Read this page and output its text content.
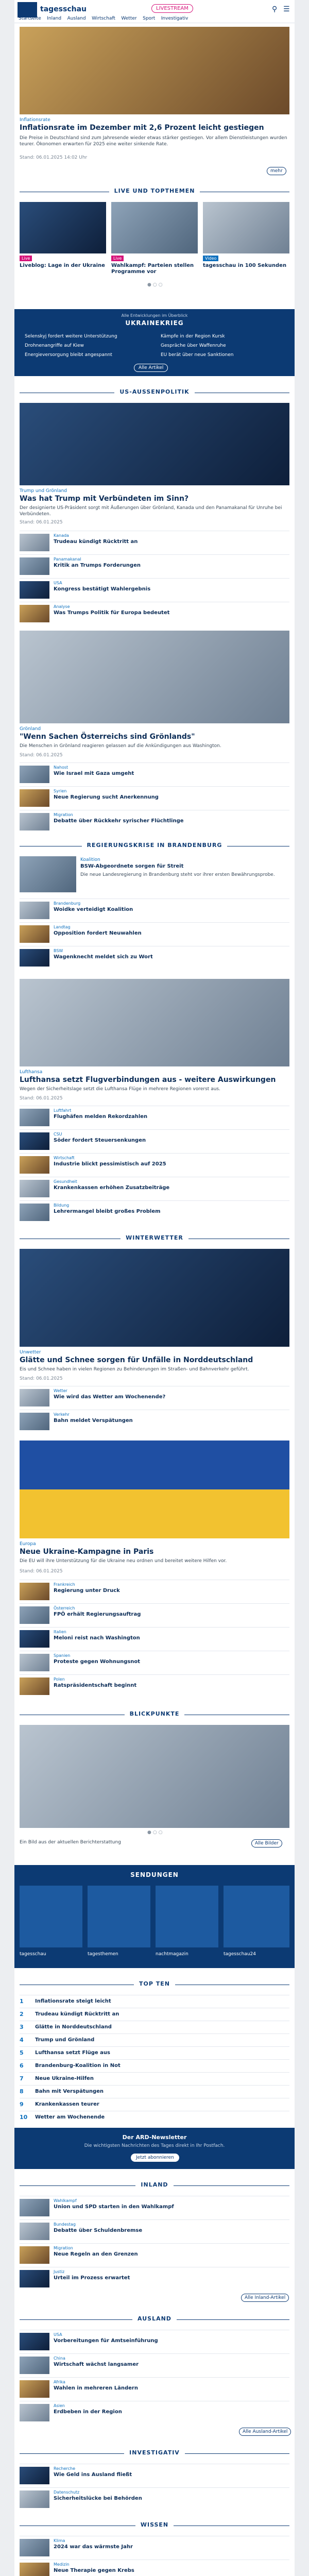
tagesschau	LIVESTREAM	⚲ ☰
Startseite Inland Ausland Wirtschaft Wetter Sport Investigativ
Inflationsrate
Inflationsrate im Dezember mit 2,6 Prozent leicht gestiegen
Die Preise in Deutschland sind zum Jahresende wieder etwas stärker gestiegen. Vor allem Dienstleistungen wurden teurer. Ökonomen erwarten für 2025 eine weiter sinkende Rate.
Stand: 06.01.2025 14:02 Uhr
mehr
LIVE UND TOPTHEMEN
Live	Live	Video
Liveblog: Lage in der Ukraine Wahlkampf: Parteien stellen Programme vor
tagesschau in 100 Sekunden
●○○
Alle Entwicklungen im Überblick
UKRAINEKRIEG
Selenskyj fordert weitere Unterstützung	Kämpfe in der Region Kursk
Drohnenangriffe auf Kiew	Gespräche über Waffenruhe
Energieversorgung bleibt angespannt	EU berät über neue Sanktionen
Alle Artikel
US-AUSSENPOLITIK
Trump und Grönland
Was hat Trump mit Verbündeten im Sinn?
Der designierte US-Präsident sorgt mit Äußerungen über Grönland, Kanada und den Panamakanal für Unruhe bei Verbündeten.
Stand: 06.01.2025
Kanada
Trudeau kündigt Rücktritt an
Panamakanal
Kritik an Trumps Forderungen
USA
Kongress bestätigt Wahlergebnis
Analyse
Was Trumps Politik für Europa bedeutet
Grönland
"Wenn Sachen Österreichs sind Grönlands"
Die Menschen in Grönland reagieren gelassen auf die Ankündigungen aus Washington.
Stand: 06.01.2025
Nahost
Wie Israel mit Gaza umgeht
Syrien
Neue Regierung sucht Anerkennung
Migration
Debatte über Rückkehr syrischer Flüchtlinge
REGIERUNGSKRISE IN BRANDENBURG
Koalition
BSW-Abgeordnete sorgen für Streit
Die neue Landesregierung in Brandenburg steht vor ihrer ersten Bewährungsprobe.
Brandenburg
Woidke verteidigt Koalition
Landtag
Opposition fordert Neuwahlen
BSW
Wagenknecht meldet sich zu Wort
Lufthansa
Lufthansa setzt Flugverbindungen aus - weitere Auswirkungen
Wegen der Sicherheitslage setzt die Lufthansa Flüge in mehrere Regionen vorerst aus.
Stand: 06.01.2025
Luftfahrt
Flughäfen melden Rekordzahlen
CSU
Söder fordert Steuersenkungen
Wirtschaft
Industrie blickt pessimistisch auf 2025
Gesundheit
Krankenkassen erhöhen Zusatzbeiträge
Bildung
Lehrermangel bleibt großes Problem
WINTERWETTER
Unwetter
Glätte und Schnee sorgen für Unfälle in Norddeutschland
Eis und Schnee haben in vielen Regionen zu Behinderungen im Straßen- und Bahnverkehr geführt.
Stand: 06.01.2025
Wetter
Wie wird das Wetter am Wochenende?
Verkehr
Bahn meldet Verspätungen
Europa
Neue Ukraine-Kampagne in Paris
Die EU will ihre Unterstützung für die Ukraine neu ordnen und bereitet weitere Hilfen vor.
Stand: 06.01.2025
Frankreich
Regierung unter Druck
Österreich
FPÖ erhält Regierungsauftrag
Italien
Meloni reist nach Washington
Spanien
Proteste gegen Wohnungsnot
Polen
Ratspräsidentschaft beginnt
BLICKPUNKTE
●○○
Ein Bild aus der aktuellen Berichterstattung	Alle Bilder
SENDUNGEN
tagesschau	tagesthemen	nachtmagazin	tagesschau24
TOP TEN
1	Inflationsrate steigt leicht
2	Trudeau kündigt Rücktritt an
3	Glätte in Norddeutschland
4	Trump und Grönland
5	Lufthansa setzt Flüge aus
6	Brandenburg-Koalition in Not
7	Neue Ukraine-Hilfen
8	Bahn mit Verspätungen
9	Krankenkassen teurer
10	Wetter am Wochenende
Der ARD-Newsletter
Die wichtigsten Nachrichten des Tages direkt in Ihr Postfach.
Jetzt abonnieren
INLAND
Wahlkampf
Union und SPD starten in den Wahlkampf
Bundestag
Debatte über Schuldenbremse
Migration
Neue Regeln an den Grenzen
Justiz
Urteil im Prozess erwartet
Alle Inland-Artikel
AUSLAND
USA
Vorbereitungen für Amtseinführung
China
Wirtschaft wächst langsamer
Afrika
Wahlen in mehreren Ländern
Asien
Erdbeben in der Region
Alle Ausland-Artikel
INVESTIGATIV
Recherche
Wie Geld ins Ausland fließt
Datenschutz
Sicherheitslücke bei Behörden
WISSEN
Klima
2024 war das wärmste Jahr
Medizin
Neue Therapie gegen Krebs
